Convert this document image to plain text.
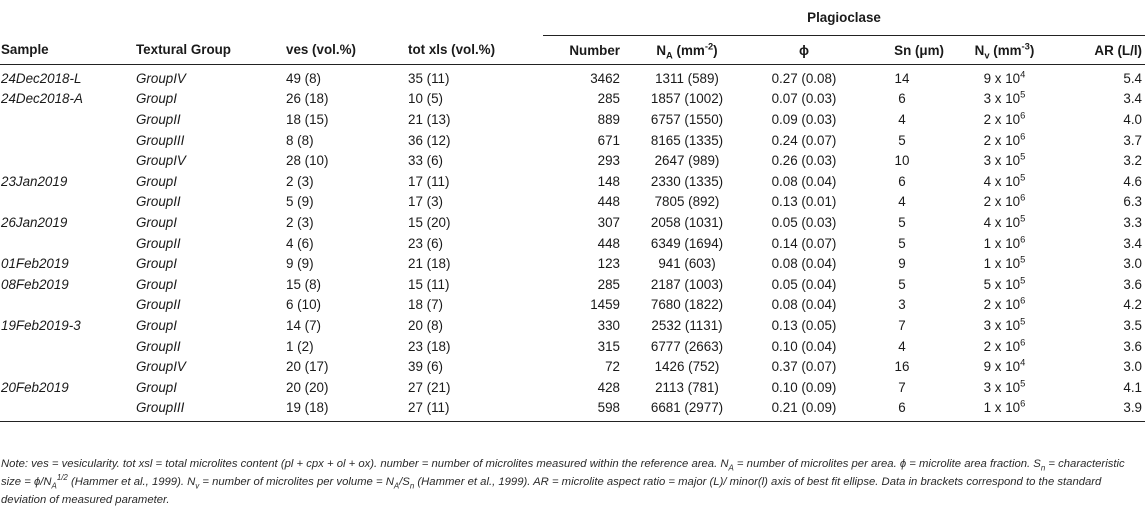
				Plagioclase					
Sample	Textural Group	ves (vol.%)	tot xls (vol.%)	Number	$N_A$ $(mm^{-2})$	ϕ	Sn (μm)	$N_v$ $(mm^{-3})$	AR (L/l)
24Dec2018-L	GroupIV	49 (8)	35 (11)	3462	1311 (589)	0.27 (0.08)	14	9 x $10^4$	5.4
24Dec2018-A	GroupI	26 (18)	10 (5)	285	1857 (1002)	0.07 (0.03)	6	3 x $10^5$	3.4
	GroupII	18 (15)	21 (13)	889	6757 (1550)	0.09 (0.03)	4	2 x $10^6$	4.0
	GroupIII	8 (8)	36 (12)	671	8165 (1335)	0.24 (0.07)	5	2 x $10^6$	3.7
	GroupIV	28 (10)	33 (6)	293	2647 (989)	0.26 (0.03)	10	3 x $10^5$	3.2
23Jan2019	GroupI	2 (3)	17 (11)	148	2330 (1335)	0.08 (0.04)	6	4 x $10^5$	4.6
	GroupII	5 (9)	17 (3)	448	7805 (892)	0.13 (0.01)	4	2 x $10^6$	6.3
26Jan2019	GroupI	2 (3)	15 (20)	307	2058 (1031)	0.05 (0.03)	5	4 x $10^5$	3.3
	GroupII	4 (6)	23 (6)	448	6349 (1694)	0.14 (0.07)	5	1 x $10^6$	3.4
01Feb2019	GroupI	9 (9)	21 (18)	123	941 (603)	0.08 (0.04)	9	1 x $10^5$	3.0
08Feb2019	GroupI	15 (8)	15 (11)	285	2187 (1003)	0.05 (0.04)	5	5 x $10^5$	3.6
	GroupII	6 (10)	18 (7)	1459	7680 (1822)	0.08 (0.04)	3	2 x $10^6$	4.2
19Feb2019-3	GroupI	14 (7)	20 (8)	330	2532 (1131)	0.13 (0.05)	7	3 x $10^5$	3.5
	GroupII	1 (2)	23 (18)	315	6777 (2663)	0.10 (0.04)	4	2 x $10^6$	3.6
	GroupIV	20 (17)	39 (6)	72	1426 (752)	0.37 (0.07)	16	9 x $10^4$	3.0
20Feb2019	GroupI	20 (20)	27 (21)	428	2113 (781)	0.10 (0.09)	7	3 x $10^5$	4.1
	GroupIII	19 (18)	27 (11)	598	6681 (2977)	0.21 (0.09)	6	1 x $10^6$	3.9
Note: ves = vesicularity. tot xsl = total microlites content (pl + cpx + ol + ox). number = number of microlites measured within the reference area. $N_A$ = number of microlites per area. ϕ = microlite area fraction. $S_n$ = characteristic size = $\phi/N_A^{1/2}$ (Hammer et al., 1999). $N_v$ = number of microlites per volume = $N_A/S_n$ (Hammer et al., 1999). AR = microlite aspect ratio = major (L)/ minor(l) axis of best fit ellipse. Data in brackets correspond to the standard deviation of measured parameter.
